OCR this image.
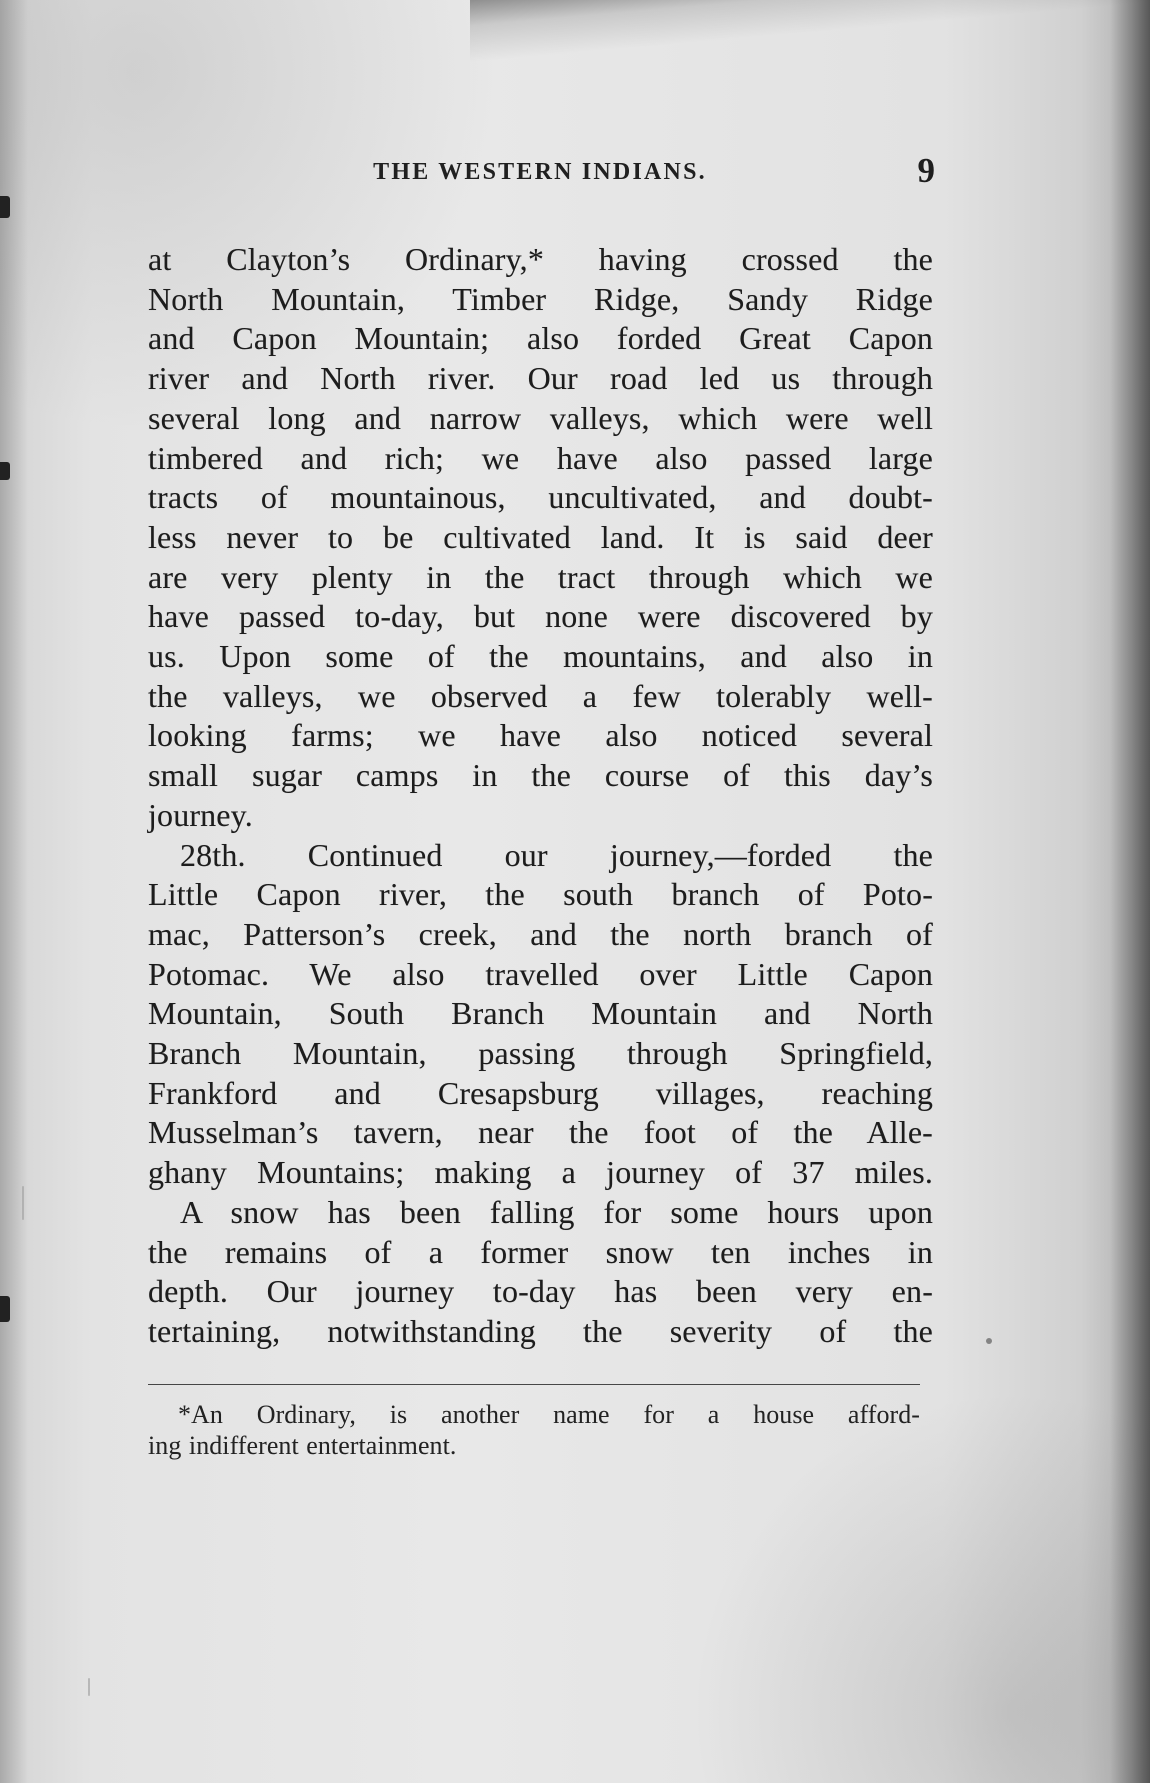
THE WESTERN INDIANS.	9
at Clayton’s Ordinary,* having crossed the
North Mountain, Timber Ridge, Sandy Ridge
and Capon Mountain; also forded Great Capon
river and North river. Our road led us through
several long and narrow valleys, which were well
timbered and rich; we have also passed large
tracts of mountainous, uncultivated, and doubt-
less never to be cultivated land. It is said deer
are very plenty in the tract through which we
have passed to-day, but none were discovered by
us. Upon some of the mountains, and also in
the valleys, we observed a few tolerably well-
looking farms; we have also noticed several
small sugar camps in the course of this day’s
journey.
28th. Continued our journey,—forded the
Little Capon river, the south branch of Poto-
mac, Patterson’s creek, and the north branch of
Potomac. We also travelled over Little Capon
Mountain, South Branch Mountain and North
Branch Mountain, passing through Springfield,
Frankford and Cresapsburg villages, reaching
Musselman’s tavern, near the foot of the Alle-
ghany Mountains; making a journey of 37 miles.
A snow has been falling for some hours upon
the remains of a former snow ten inches in
depth. Our journey to-day has been very en-
tertaining, notwithstanding the severity of the
*An Ordinary, is another name for a house afford-
ing indifferent entertainment.
